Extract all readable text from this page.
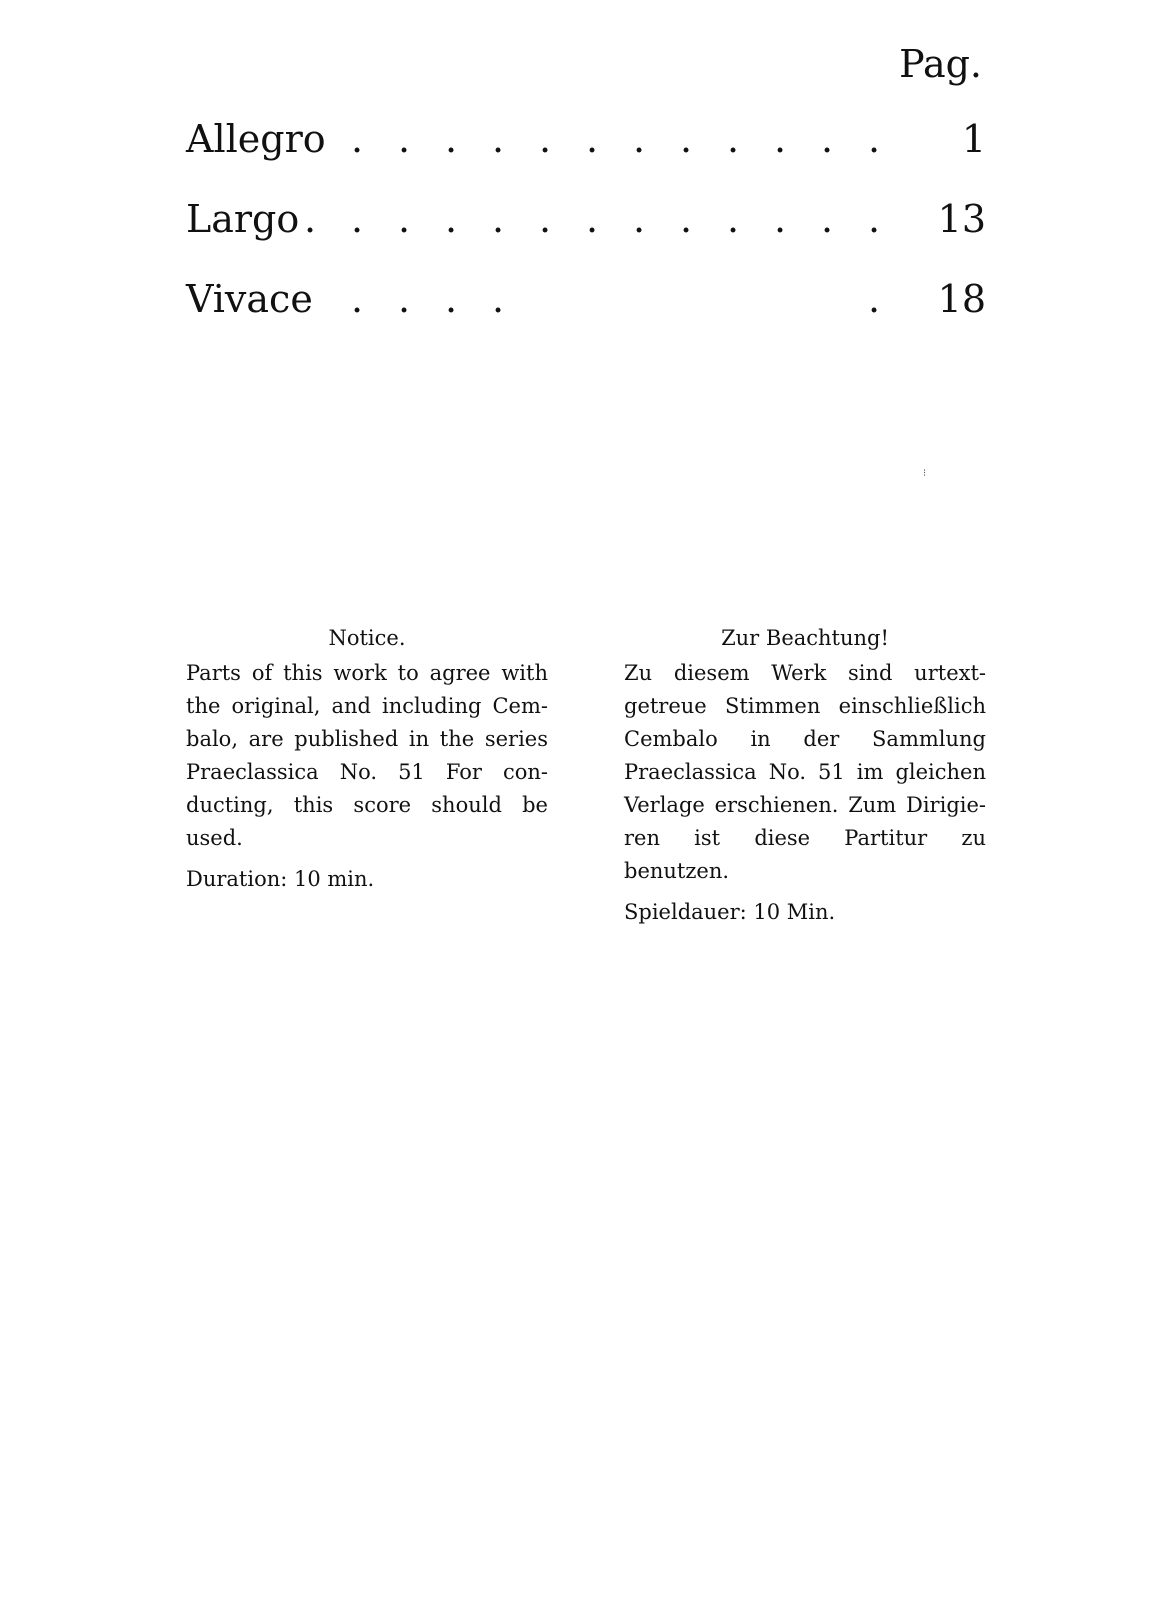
Pag.
Allegro . . . . . . . . . . . . 1
Largo . . . . . . . . . . . . . 13
Vivace . . . .	. 18
⁝
Notice.
Parts of this work to agree with the original, and including Cem- balo, are published in the series Praeclassica No. 51 For con- ducting, this score should be used.
Duration: 10 min.
Zur Beachtung!
Zu diesem Werk sind urtext- getreue Stimmen einschließlich Cembalo in der Sammlung Praeclassica No. 51 im gleichen Verlage erschienen. Zum Dirigie- ren ist diese Partitur zu benutzen.
Spieldauer: 10 Min.
